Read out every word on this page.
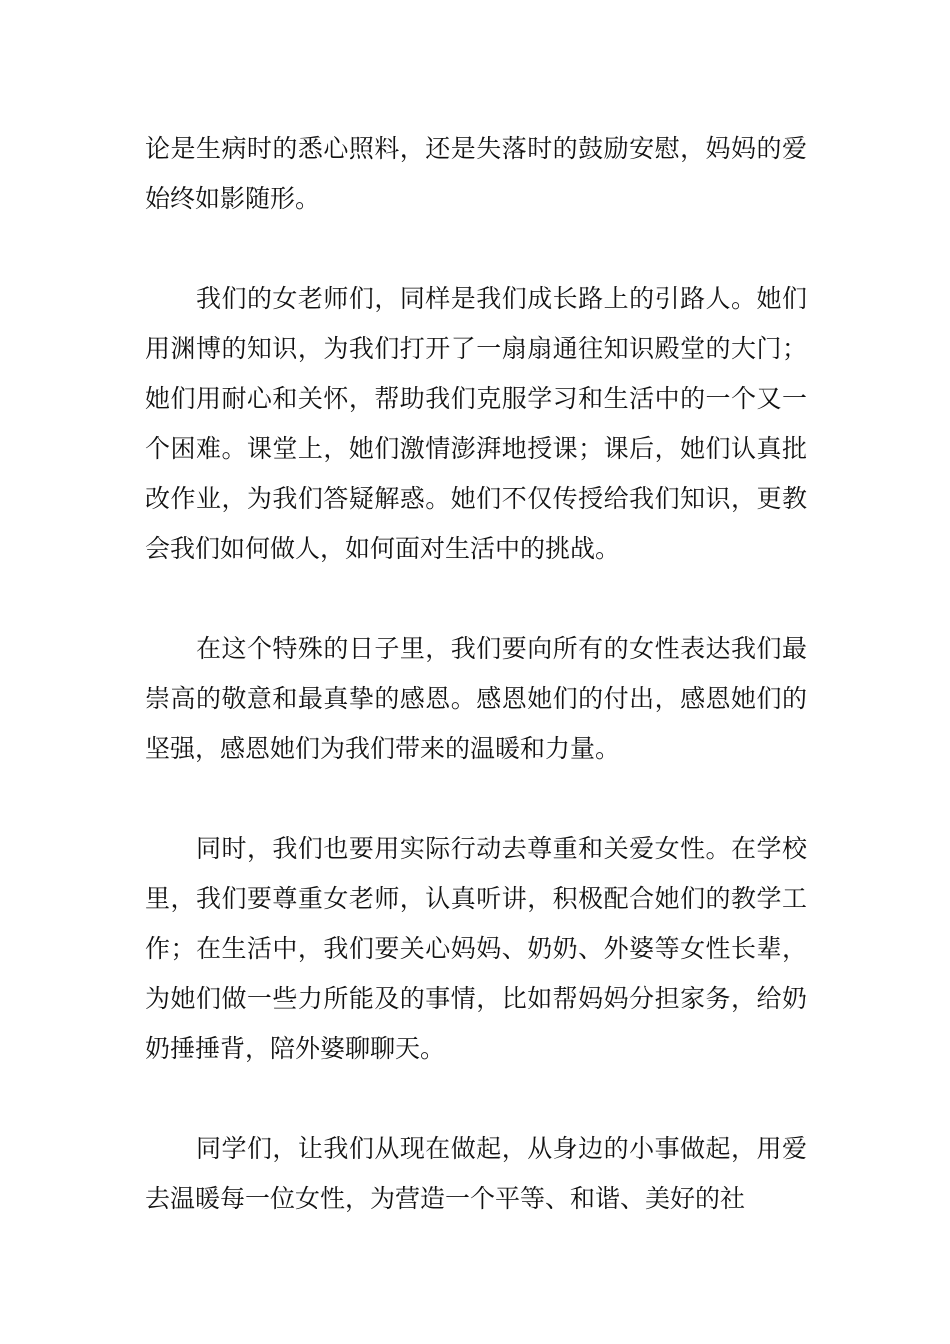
论是生病时的悉心照料，还是失落时的鼓励安慰，妈妈的爱始终如影随形。

我们的女老师们，同样是我们成长路上的引路人。她们用渊博的知识，为我们打开了一扇扇通往知识殿堂的大门；她们用耐心和关怀，帮助我们克服学习和生活中的一个又一个困难。课堂上，她们激情澎湃地授课；课后，她们认真批改作业，为我们答疑解惑。她们不仅传授给我们知识，更教会我们如何做人，如何面对生活中的挑战。

在这个特殊的日子里，我们要向所有的女性表达我们最崇高的敬意和最真挚的感恩。感恩她们的付出，感恩她们的坚强，感恩她们为我们带来的温暖和力量。

同时，我们也要用实际行动去尊重和关爱女性。在学校里，我们要尊重女老师，认真听讲，积极配合她们的教学工作；在生活中，我们要关心妈妈、奶奶、外婆等女性长辈，为她们做一些力所能及的事情，比如帮妈妈分担家务，给奶奶捶捶背，陪外婆聊聊天。

同学们，让我们从现在做起，从身边的小事做起，用爱去温暖每一位女性，为营造一个平等、和谐、美好的社
